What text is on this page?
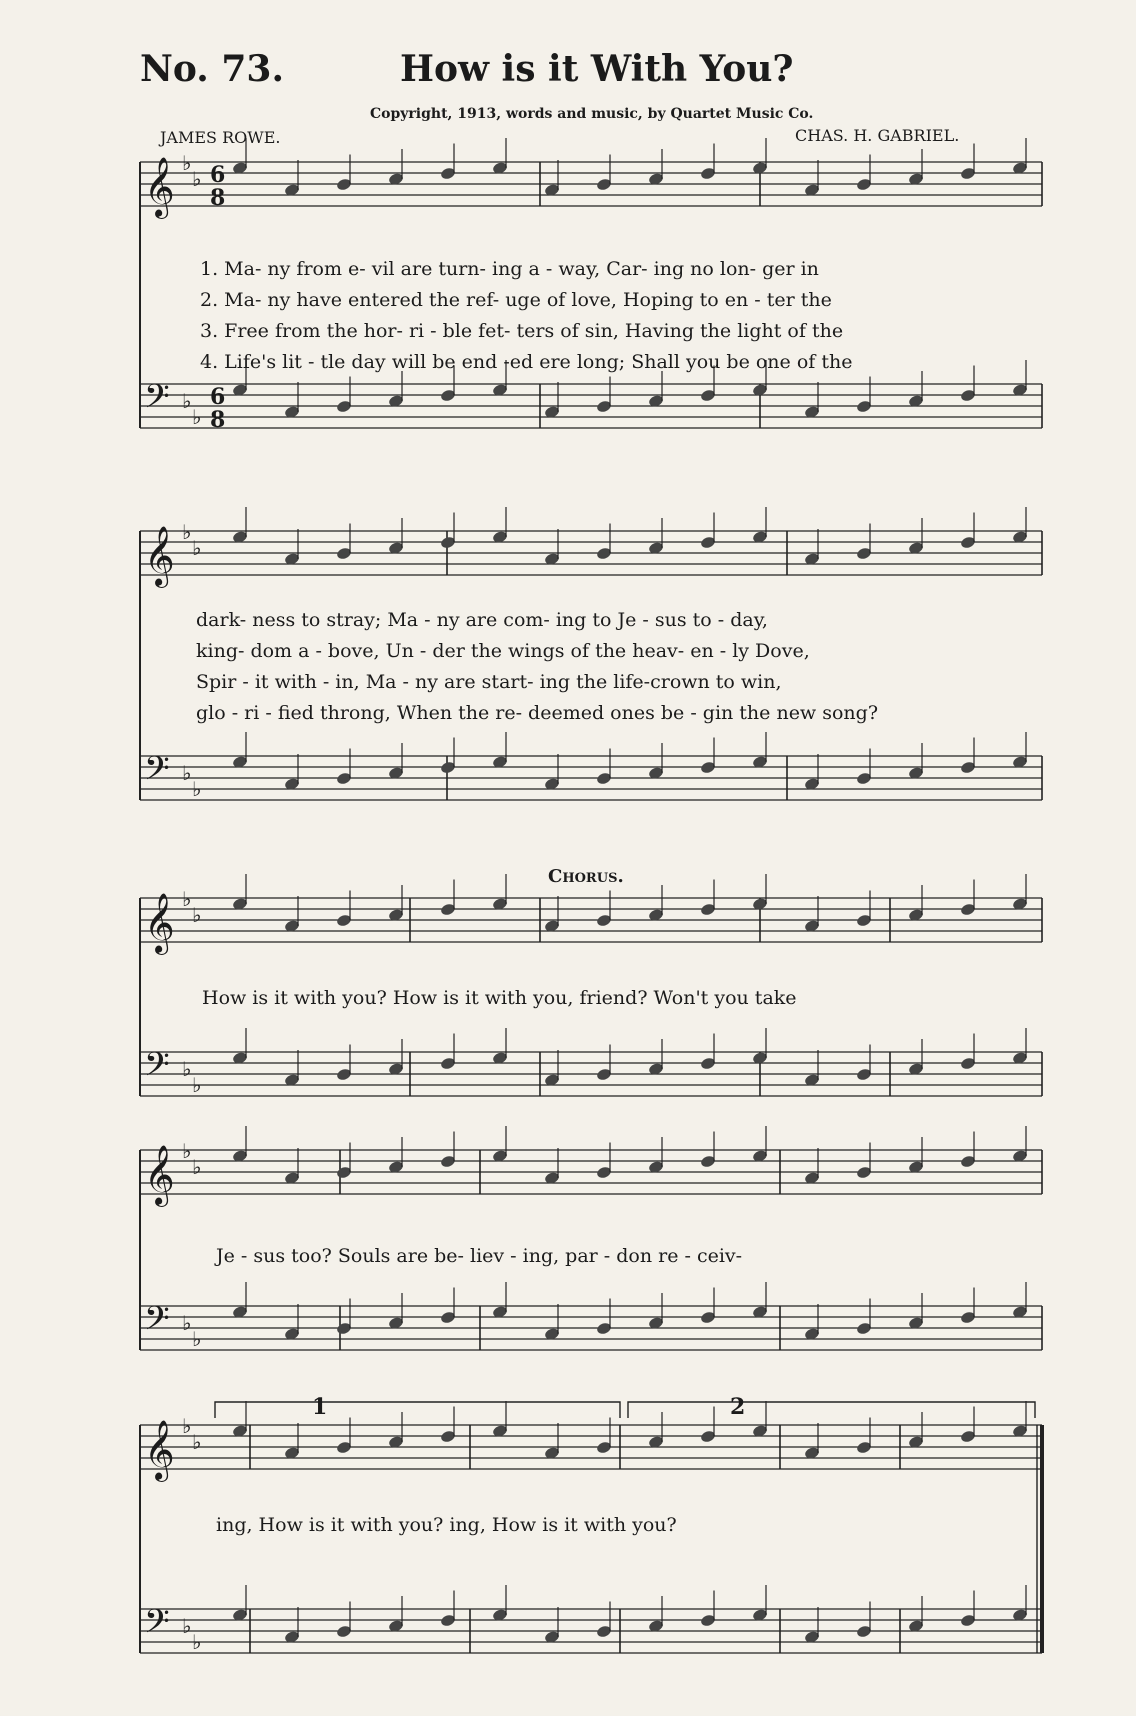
No. 73.	How is it With You?
Copyright, 1913, words and music, by Quartet Music Co.
JAMES ROWE.	CHAS. H. GABRIEL.
𝄞 ♭
♭ 6
8
𝄢 ♭
♭
6
8
𝄞 ♭
♭
𝄢 ♭
♭
𝄞 ♭
♭
𝄢 ♭
♭
𝄞 ♭
♭
𝄢 ♭
♭
𝄞 ♭
♭
𝄢 ♭
♭
1. Ma- ny from e- vil are turn- ing a - way, Car- ing no lon- ger in
2. Ma- ny have entered the ref- uge of love, Hoping to en - ter the
3. Free from the hor- ri - ble fet- ters of sin, Having the light of the
4. Life's lit - tle day will be end -ed ere long; Shall you be one of the
dark- ness to stray; Ma - ny are com- ing to Je - sus to - day,
king- dom a - bove, Un - der the wings of the heav- en - ly Dove,
Spir - it with - in, Ma - ny are start- ing the life-crown to win,
glo - ri - fied throng, When the re- deemed ones be - gin the new song?
Chorus.
How is it with you? How is it with you, friend? Won't you take
Je - sus too? Souls are be- liev - ing, par - don re - ceiv-
1	2
ing, How is it with you? ing, How is it with you?
